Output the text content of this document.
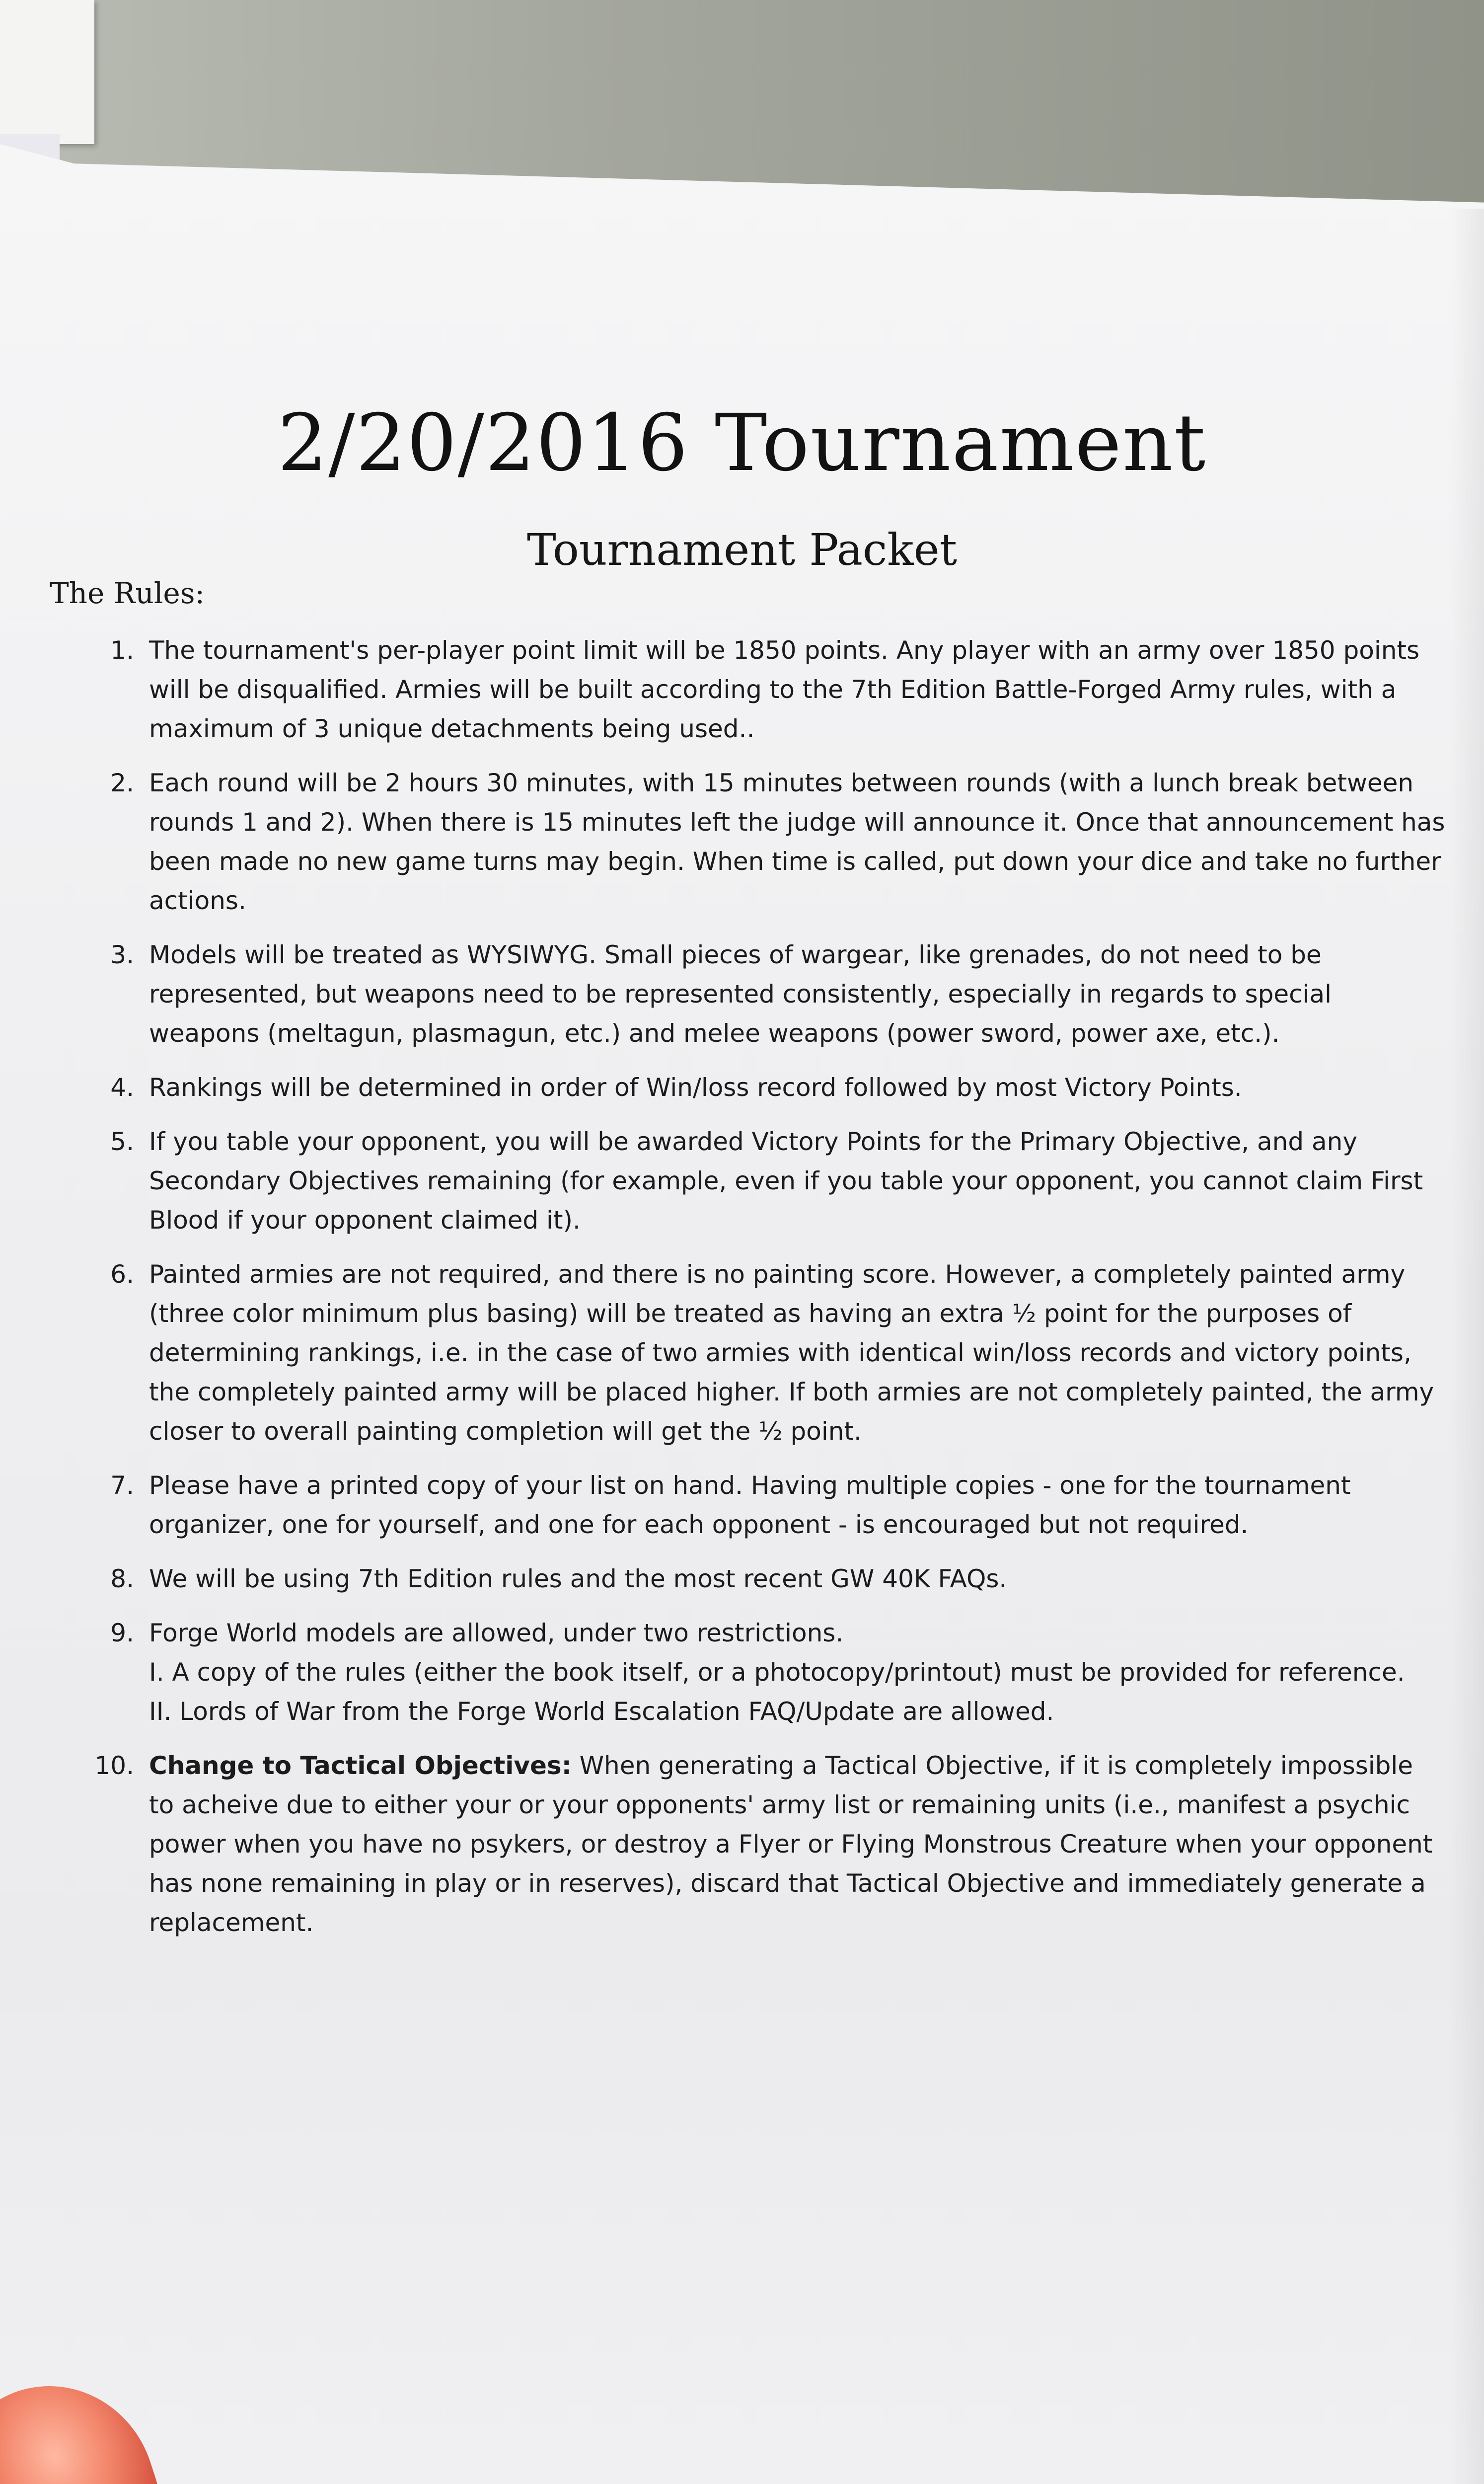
2/20/2016 Tournament
Tournament Packet

The Rules:

1. The tournament's per-player point limit will be 1850 points. Any player with an army over 1850 points will be disqualified. Armies will be built according to the 7th Edition Battle-Forged Army rules, with a maximum of 3 unique detachments being used..
2. Each round will be 2 hours 30 minutes, with 15 minutes between rounds (with a lunch break between rounds 1 and 2). When there is 15 minutes left the judge will announce it. Once that announcement has been made no new game turns may begin. When time is called, put down your dice and take no further actions.
3. Models will be treated as WYSIWYG. Small pieces of wargear, like grenades, do not need to be represented, but weapons need to be represented consistently, especially in regards to special weapons (meltagun, plasmagun, etc.) and melee weapons (power sword, power axe, etc.).
4. Rankings will be determined in order of Win/loss record followed by most Victory Points.
5. If you table your opponent, you will be awarded Victory Points for the Primary Objective, and any Secondary Objectives remaining (for example, even if you table your opponent, you cannot claim First Blood if your opponent claimed it).
6. Painted armies are not required, and there is no painting score. However, a completely painted army (three color minimum plus basing) will be treated as having an extra ½ point for the purposes of determining rankings, i.e. in the case of two armies with identical win/loss records and victory points, the completely painted army will be placed higher. If both armies are not completely painted, the army closer to overall painting completion will get the ½ point.
7. Please have a printed copy of your list on hand. Having multiple copies - one for the tournament organizer, one for yourself, and one for each opponent - is encouraged but not required.
8. We will be using 7th Edition rules and the most recent GW 40K FAQs.
9. Forge World models are allowed, under two restrictions.
I. A copy of the rules (either the book itself, or a photocopy/printout) must be provided for reference.
II. Lords of War from the Forge World Escalation FAQ/Update are allowed.
10. Change to Tactical Objectives: When generating a Tactical Objective, if it is completely impossible to acheive due to either your or your opponents' army list or remaining units (i.e., manifest a psychic power when you have no psykers, or destroy a Flyer or Flying Monstrous Creature when your opponent has none remaining in play or in reserves), discard that Tactical Objective and immediately generate a replacement.
